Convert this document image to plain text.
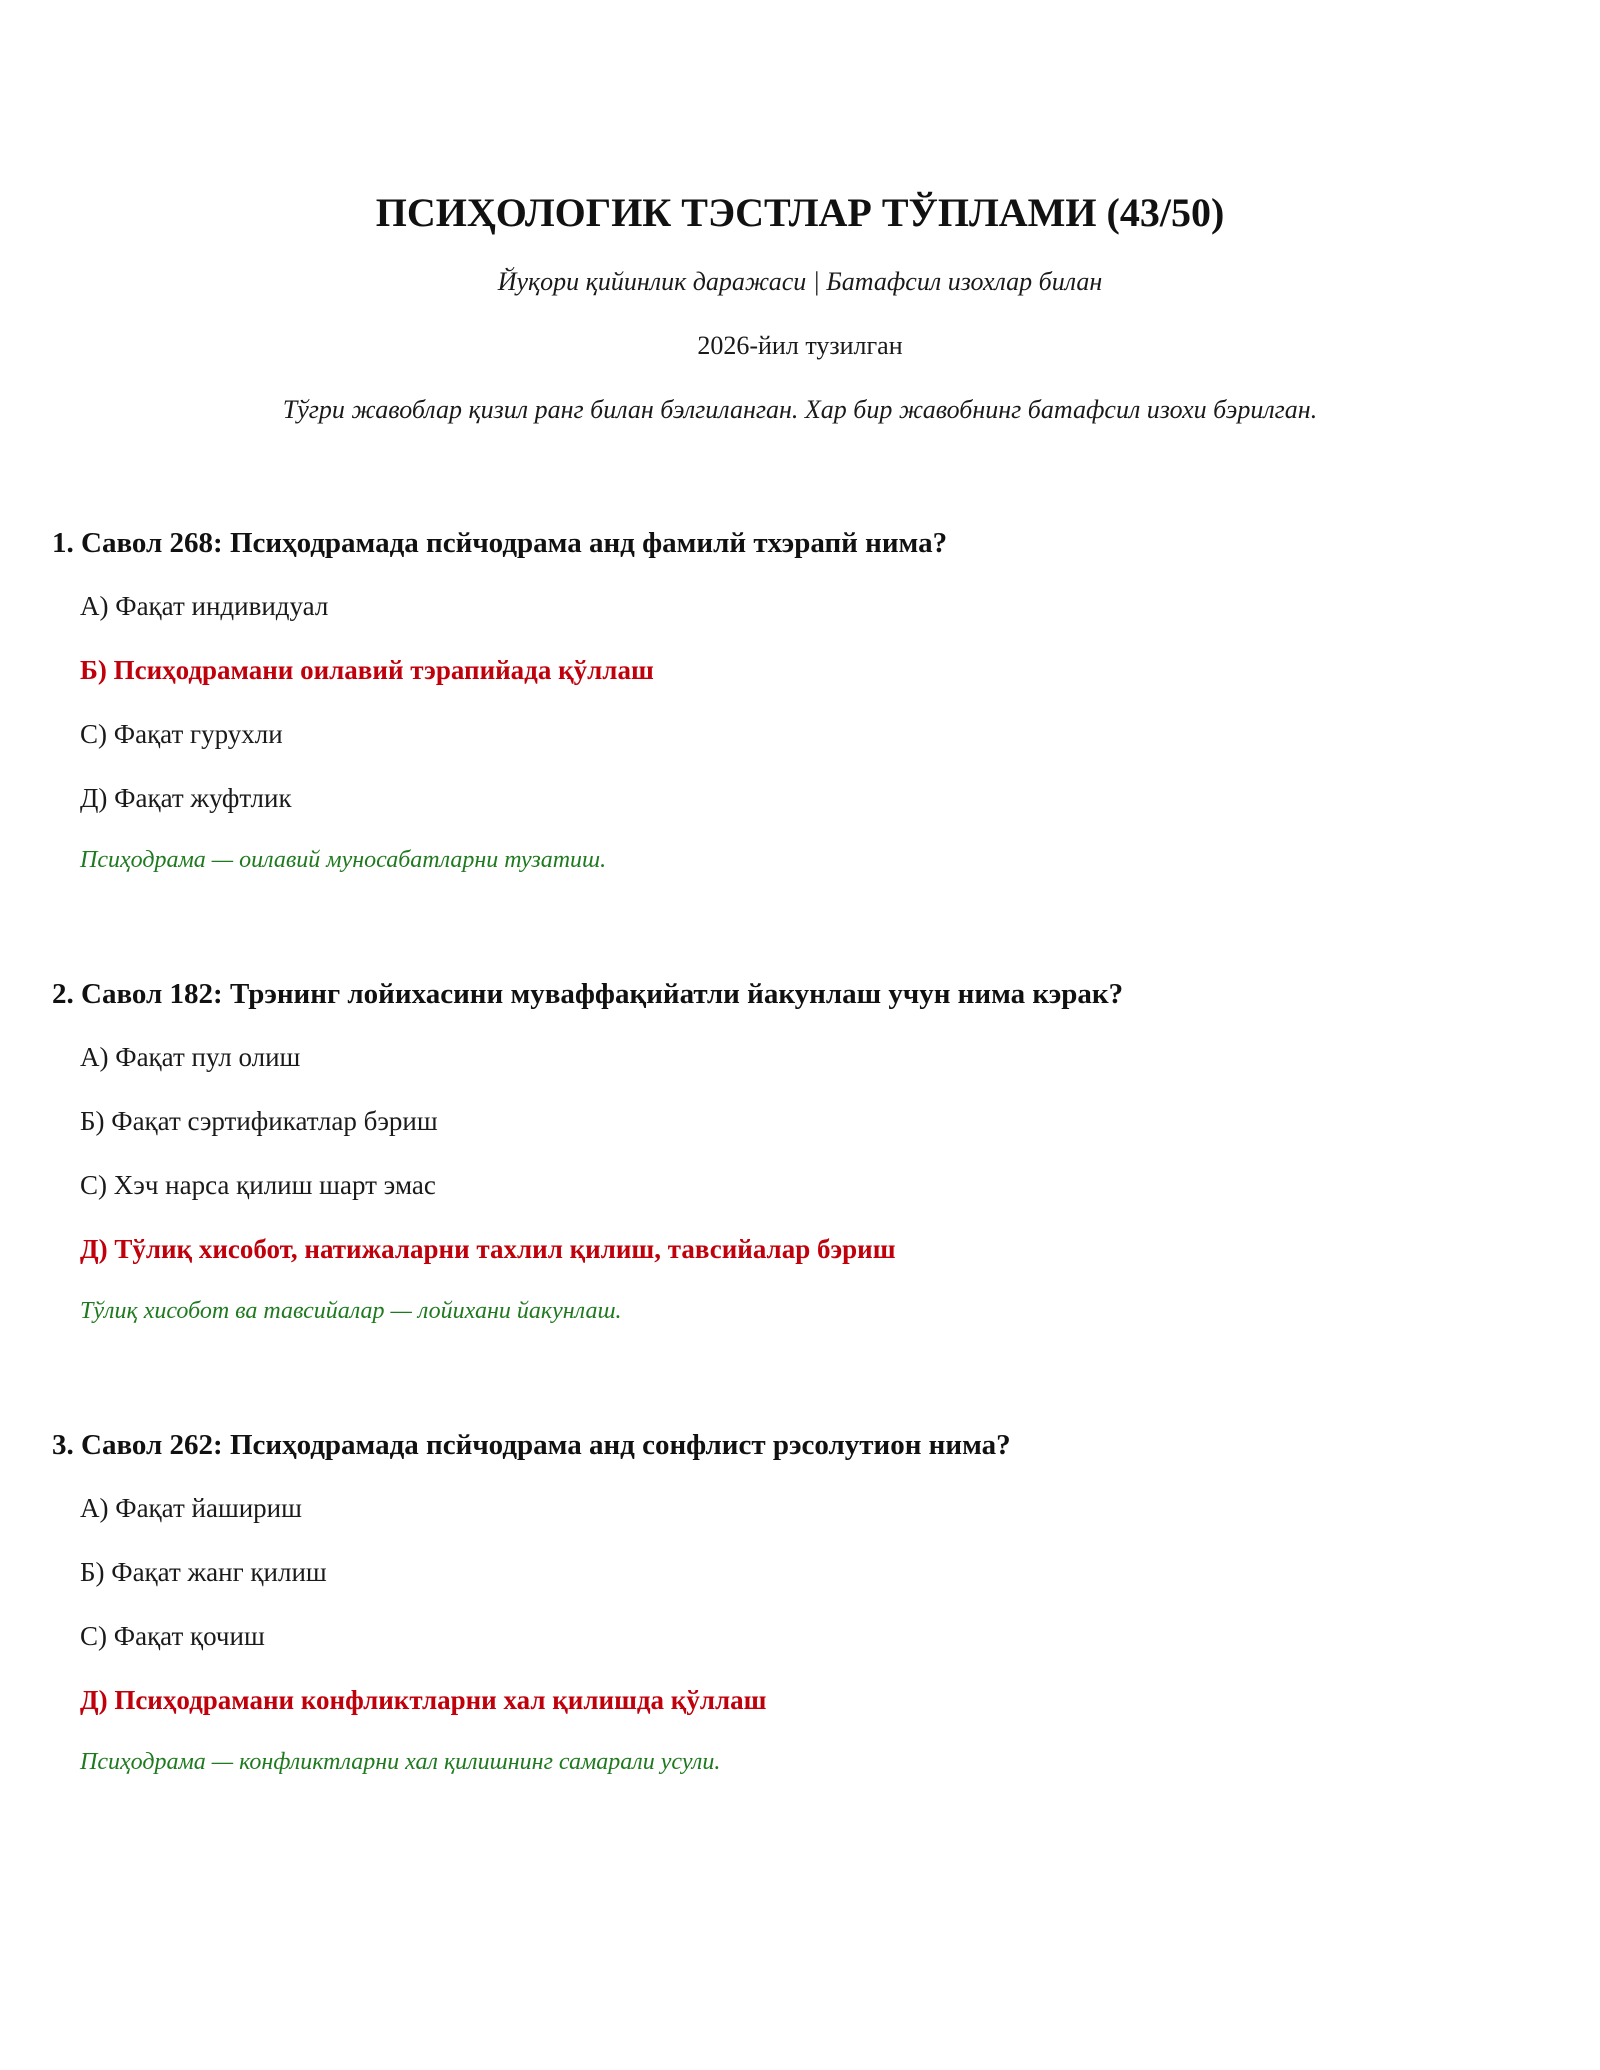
ПСИҲОЛОГИК ТЭСТЛАР ТЎПЛАМИ (43/50)
Йуқори қийинлик даражаси | Батафсил изохлар билан
2026-йил тузилган
Тўгри жавоблар қизил ранг билан бэлгиланган. Хар бир жавобнинг батафсил изохи бэрилган.
1. Савол 268: Псиҳодрамада псйчодрама анд фамилй тхэрапй нима?
А) Фақат индивидуал
Б) Псиҳодрамани оилавий тэрапийада қўллаш
С) Фақат гурухли
Д) Фақат жуфтлик
Псиҳодрама — оилавий муносабатларни тузатиш.
2. Савол 182: Трэнинг лойихасини муваффақийатли йакунлаш учун нима кэрак?
А) Фақат пул олиш
Б) Фақат сэртификатлар бэриш
С) Хэч нарса қилиш шарт эмас
Д) Тўлиқ хисобот, натижаларни тахлил қилиш, тавсийалар бэриш
Тўлиқ хисобот ва тавсийалар — лойихани йакунлаш.
3. Савол 262: Псиҳодрамада псйчодрама анд сонфлист рэсолутион нима?
А) Фақат йашириш
Б) Фақат жанг қилиш
С) Фақат қочиш
Д) Псиҳодрамани конфликтларни хал қилишда қўллаш
Псиҳодрама — конфликтларни хал қилишнинг самарали усули.
